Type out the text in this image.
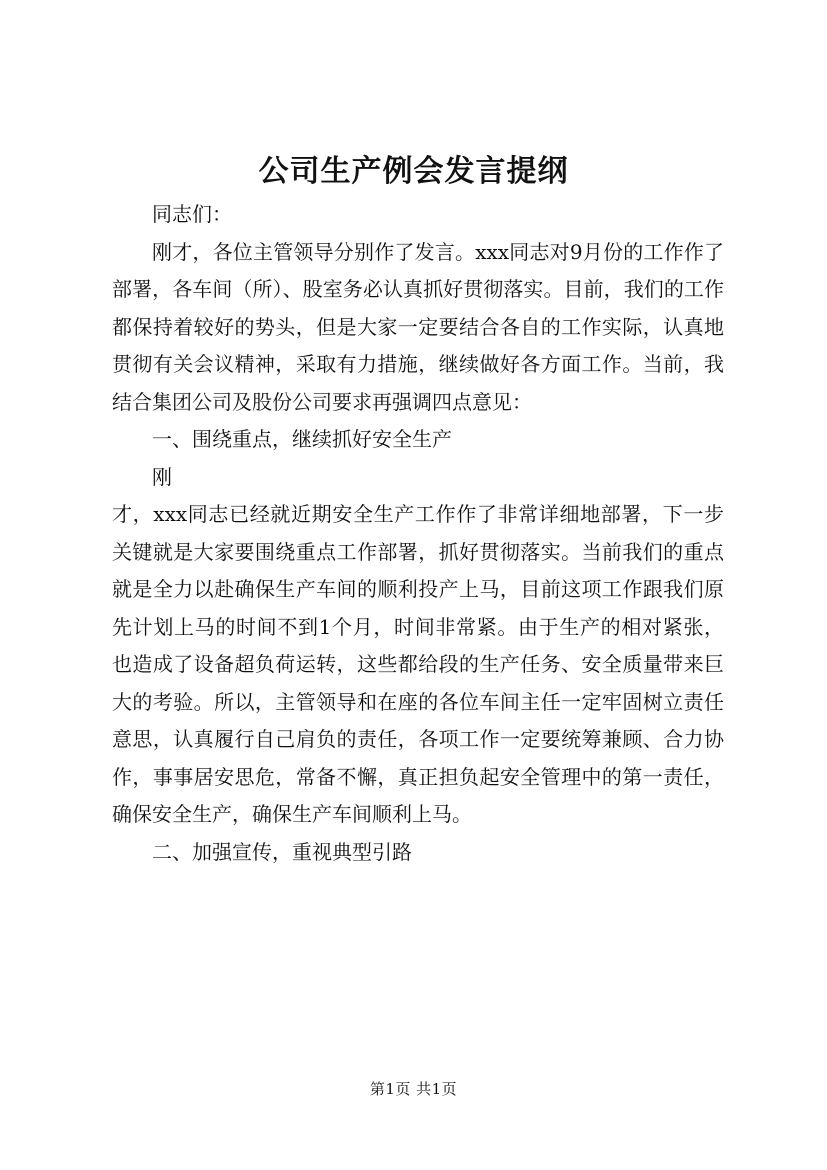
公司生产例会发言提纲

同志们：

刚才，各位主管领导分别作了发言。xxx同志对9月份的工作作了部署，各车间（所）、股室务必认真抓好贯彻落实。目前，我们的工作都保持着较好的势头，但是大家一定要结合各自的工作实际，认真地贯彻有关会议精神，采取有力措施，继续做好各方面工作。当前，我结合集团公司及股份公司要求再强调四点意见：

一、围绕重点，继续抓好安全生产

刚

才，xxx同志已经就近期安全生产工作作了非常详细地部署，下一步关键就是大家要围绕重点工作部署，抓好贯彻落实。当前我们的重点就是全力以赴确保生产车间的顺利投产上马，目前这项工作跟我们原先计划上马的时间不到1个月，时间非常紧。由于生产的相对紧张，也造成了设备超负荷运转，这些都给段的生产任务、安全质量带来巨大的考验。所以，主管领导和在座的各位车间主任一定牢固树立责任意思，认真履行自己肩负的责任，各项工作一定要统筹兼顾、合力协作，事事居安思危，常备不懈，真正担负起安全管理中的第一责任，确保安全生产，确保生产车间顺利上马。

二、加强宣传，重视典型引路

第1页 共1页
